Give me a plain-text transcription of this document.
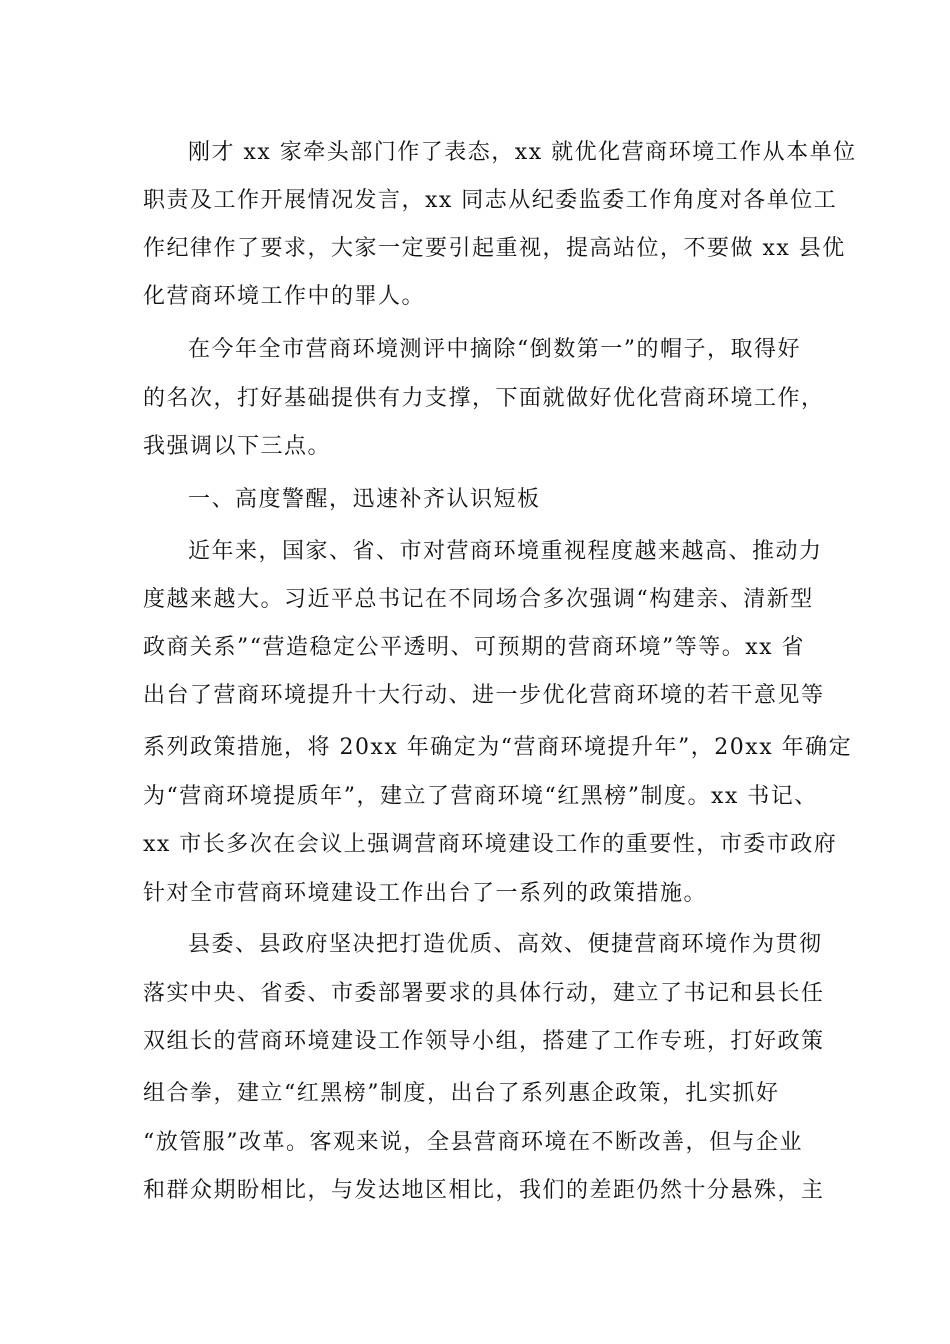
刚才 xx 家牵头部门作了表态，xx 就优化营商环境工作从本单位
职责及工作开展情况发言，xx 同志从纪委监委工作角度对各单位工
作纪律作了要求，大家一定要引起重视，提高站位，不要做 xx 县优
化营商环境工作中的罪人。
在今年全市营商环境测评中摘除“倒数第一”的帽子，取得好
的名次，打好基础提供有力支撑，下面就做好优化营商环境工作，
我强调以下三点。
一、高度警醒，迅速补齐认识短板
近年来，国家、省、市对营商环境重视程度越来越高、推动力
度越来越大。习近平总书记在不同场合多次强调“构建亲、清新型
政商关系”“营造稳定公平透明、可预期的营商环境”等等。xx 省
出台了营商环境提升十大行动、进一步优化营商环境的若干意见等
系列政策措施，将 20xx 年确定为“营商环境提升年”，20xx 年确定
为“营商环境提质年”，建立了营商环境“红黑榜”制度。xx 书记、
xx 市长多次在会议上强调营商环境建设工作的重要性，市委市政府
针对全市营商环境建设工作出台了一系列的政策措施。
县委、县政府坚决把打造优质、高效、便捷营商环境作为贯彻
落实中央、省委、市委部署要求的具体行动，建立了书记和县长任
双组长的营商环境建设工作领导小组，搭建了工作专班，打好政策
组合拳，建立“红黑榜”制度，出台了系列惠企政策，扎实抓好
“放管服”改革。客观来说，全县营商环境在不断改善，但与企业
和群众期盼相比，与发达地区相比，我们的差距仍然十分悬殊，主
